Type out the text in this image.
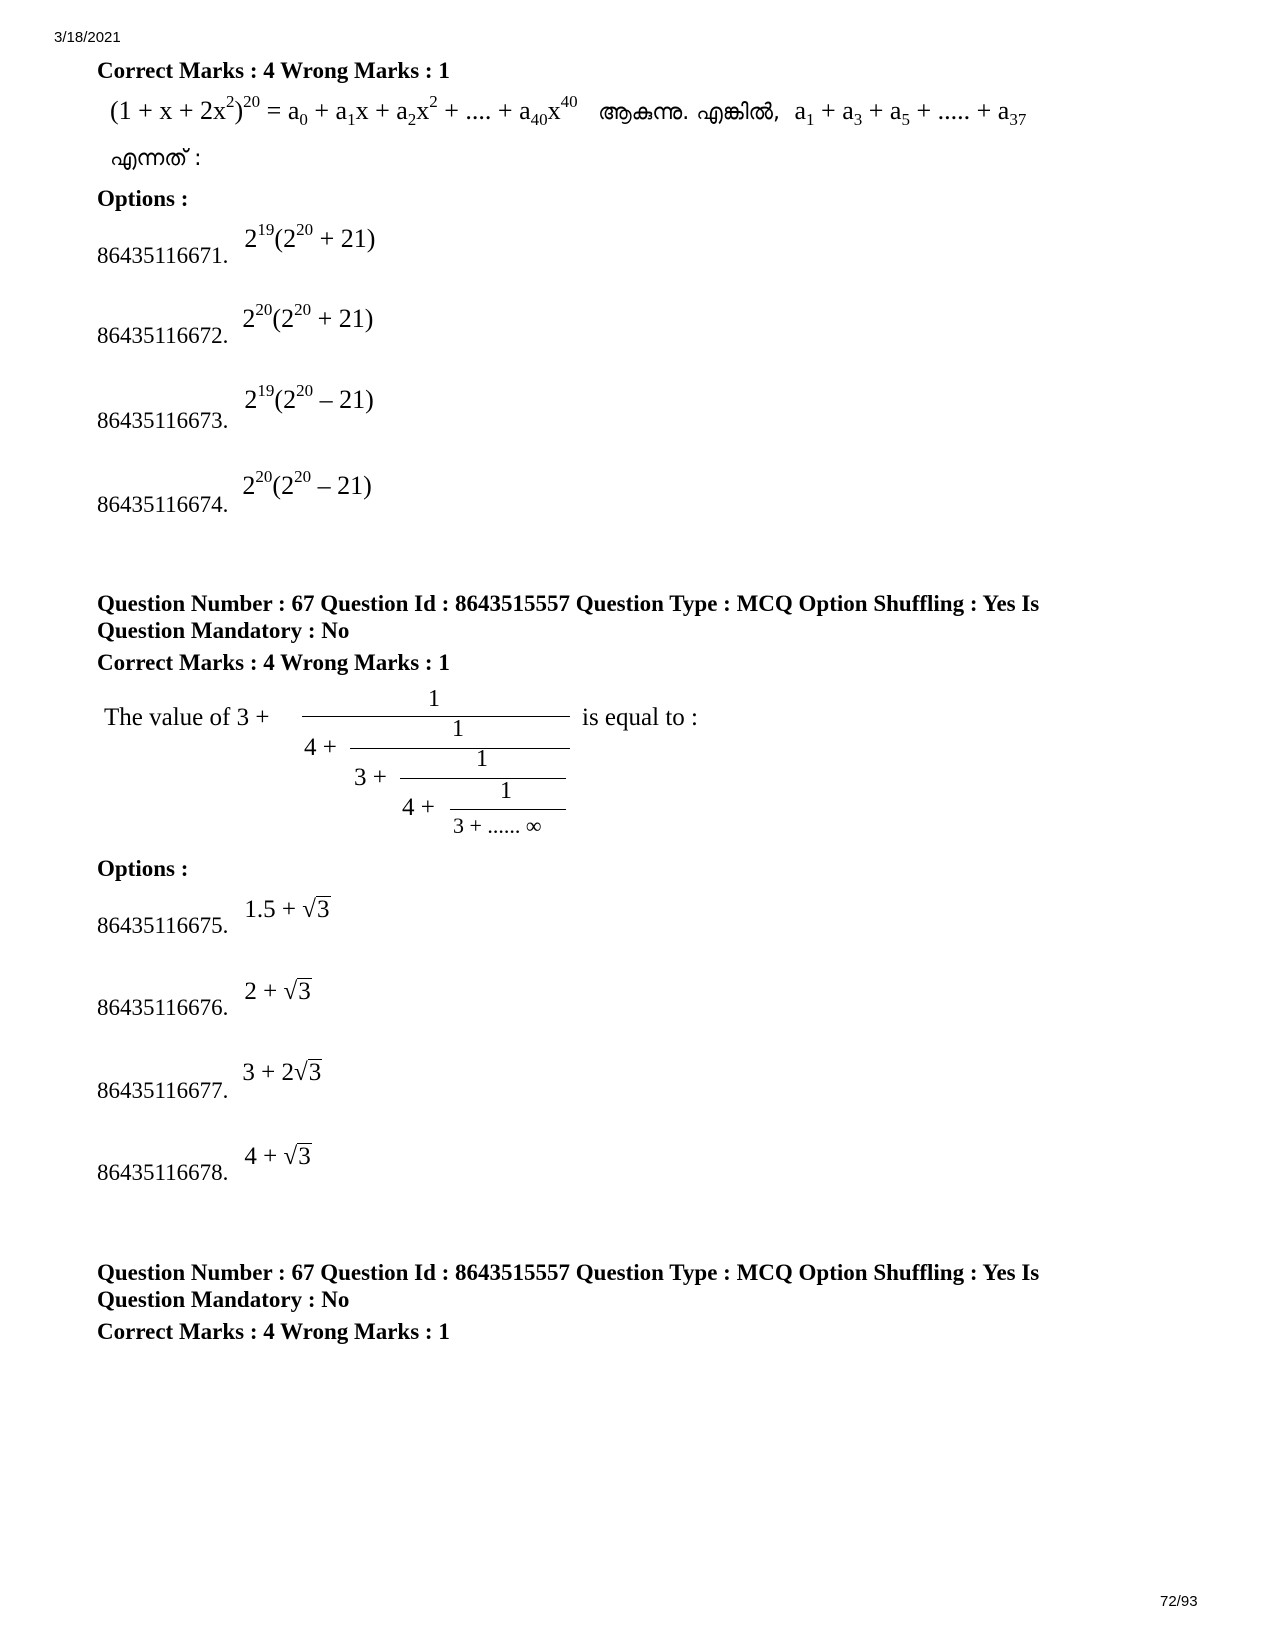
3/18/2021
Correct Marks : 4 Wrong Marks : 1
$(1 + x + 2x^2)^{20} = a_0 + a_1x + a_2x^2$ + .... + $a_{40}x^{40}$ ആകുന്നു. എങ്കിൽ, $a_1 + a_3 + a_5$ + ..... + $a_{37}$
എന്നത് :
Options :
86435116671. $2^{19}(2^{20} + 21)$
86435116672. $2^{20}(2^{20} + 21)$
86435116673. $2^{19}(2^{20} - 21)$
86435116674. $2^{20}(2^{20} - 21)$
Question Number : 67 Question Id : 8643515557 Question Type : MCQ Option Shuffling : Yes Is
Question Mandatory : No
Correct Marks : 4 Wrong Marks : 1
The value of 3 +
1
is equal to :
4 +
1
3 +
1
4 +
1
3 + ...... ∞
Options :
86435116675. 1.5 + √3
86435116676. 2 + √3
86435116677. 3 + 2√3
86435116678. 4 + √3
Question Number : 67 Question Id : 8643515557 Question Type : MCQ Option Shuffling : Yes Is
Question Mandatory : No
Correct Marks : 4 Wrong Marks : 1
72/93
